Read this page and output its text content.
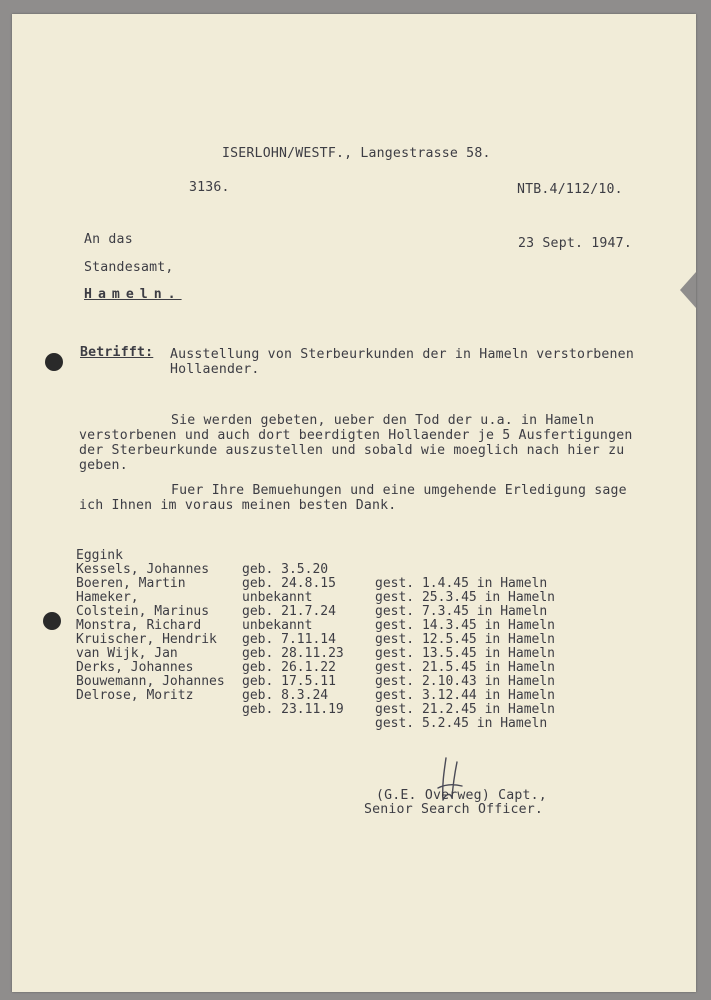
ISERLOHN/WESTF., Langestrasse 58.
3136.	NTB.4/112/10.
An das	23 Sept. 1947.
Standesamt,
Hameln.
Betrifft: Ausstellung von Sterbeurkunden der in Hameln verstorbenen
Hollaender.
Sie werden gebeten, ueber den Tod der u.a. in Hameln
verstorbenen und auch dort beerdigten Hollaender je 5 Ausfertigungen
der Sterbeurkunde auszustellen und sobald wie moeglich nach hier zu
geben.
Fuer Ihre Bemuehungen und eine umgehende Erledigung sage
ich Ihnen im voraus meinen besten Dank.

Eggink

geb. 3.5.20

gest. 1.4.45 in Hameln

Kessels, Johannes

geb. 24.8.15

gest. 25.3.45 in Hameln

Boeren, Martin

unbekannt

gest. 7.3.45 in Hameln

Hameker,

geb. 21.7.24

gest. 14.3.45 in Hameln

Colstein, Marinus

unbekannt

gest. 12.5.45 in Hameln

Monstra, Richard

geb. 7.11.14

gest. 13.5.45 in Hameln

Kruischer, Hendrik

geb. 28.11.23

gest. 21.5.45 in Hameln

van Wijk, Jan

geb. 26.1.22

gest. 2.10.43 in Hameln

Derks, Johannes

geb. 17.5.11

gest. 3.12.44 in Hameln

Bouwemann, Johannes

geb. 8.3.24

gest. 21.2.45 in Hameln

Delrose, Moritz

geb. 23.11.19

gest. 5.2.45 in Hameln

(G.E. Overweg) Capt.,
Senior Search Officer.
